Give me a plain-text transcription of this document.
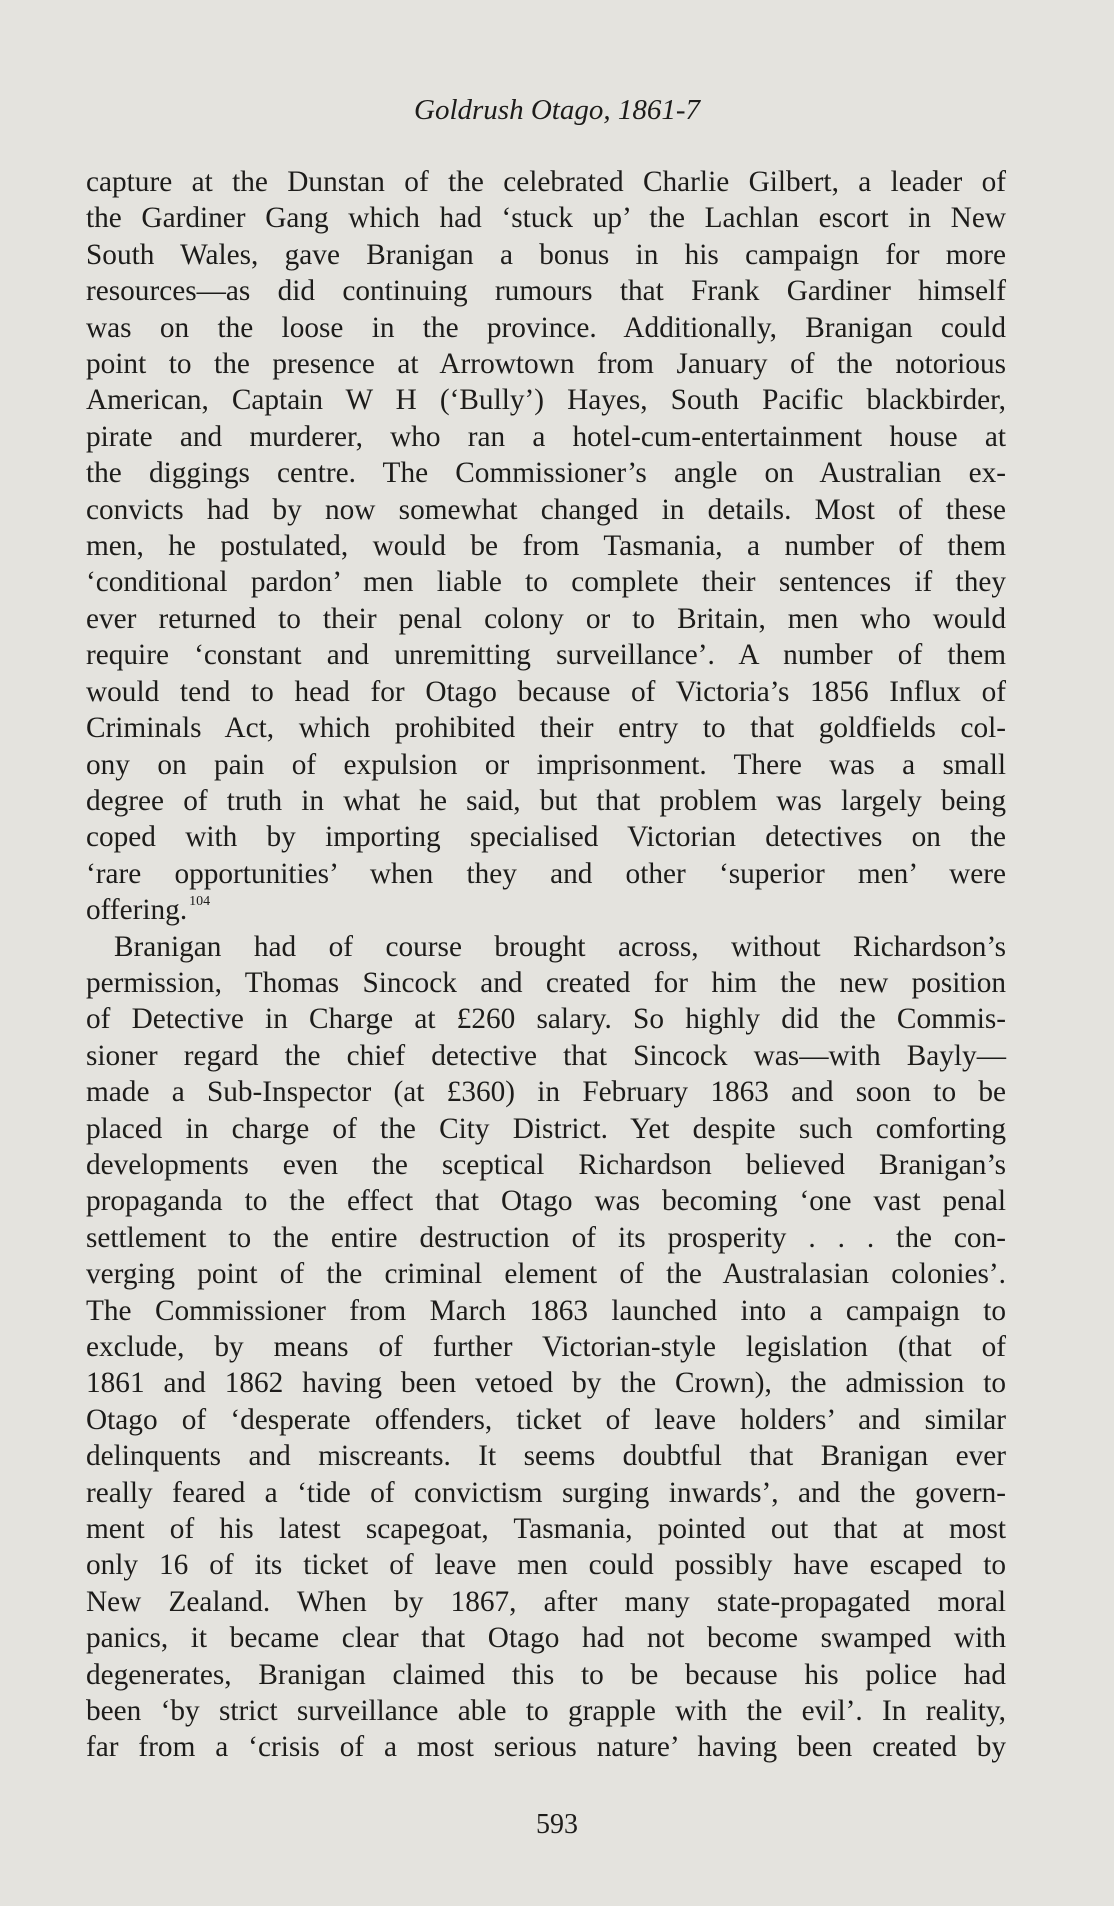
Goldrush Otago, 1861-7
capture at the Dunstan of the celebrated Charlie Gilbert, a leader of
the Gardiner Gang which had ‘stuck up’ the Lachlan escort in New
South Wales, gave Branigan a bonus in his campaign for more
resources—as did continuing rumours that Frank Gardiner himself
was on the loose in the province. Additionally, Branigan could
point to the presence at Arrowtown from January of the notorious
American, Captain W H (‘Bully’) Hayes, South Pacific blackbirder,
pirate and murderer, who ran a hotel-cum-entertainment house at
the diggings centre. The Commissioner’s angle on Australian ex-
convicts had by now somewhat changed in details. Most of these
men, he postulated, would be from Tasmania, a number of them
‘conditional pardon’ men liable to complete their sentences if they
ever returned to their penal colony or to Britain, men who would
require ‘constant and unremitting surveillance’. A number of them
would tend to head for Otago because of Victoria’s 1856 Influx of
Criminals Act, which prohibited their entry to that goldfields col-
ony on pain of expulsion or imprisonment. There was a small
degree of truth in what he said, but that problem was largely being
coped with by importing specialised Victorian detectives on the
‘rare opportunities’ when they and other ‘superior men’ were
offering. $^{104}$
Branigan had of course brought across, without Richardson’s
permission, Thomas Sincock and created for him the new position
of Detective in Charge at £260 salary. So highly did the Commis-
sioner regard the chief detective that Sincock was—with Bayly—
made a Sub-Inspector (at £360) in February 1863 and soon to be
placed in charge of the City District. Yet despite such comforting
developments even the sceptical Richardson believed Branigan’s
propaganda to the effect that Otago was becoming ‘one vast penal
settlement to the entire destruction of its prosperity . . . the con-
verging point of the criminal element of the Australasian colonies’.
The Commissioner from March 1863 launched into a campaign to
exclude, by means of further Victorian-style legislation (that of
1861 and 1862 having been vetoed by the Crown), the admission to
Otago of ‘desperate offenders, ticket of leave holders’ and similar
delinquents and miscreants. It seems doubtful that Branigan ever
really feared a ‘tide of convictism surging inwards’, and the govern-
ment of his latest scapegoat, Tasmania, pointed out that at most
only 16 of its ticket of leave men could possibly have escaped to
New Zealand. When by 1867, after many state-propagated moral
panics, it became clear that Otago had not become swamped with
degenerates, Branigan claimed this to be because his police had
been ‘by strict surveillance able to grapple with the evil’. In reality,
far from a ‘crisis of a most serious nature’ having been created by
593
